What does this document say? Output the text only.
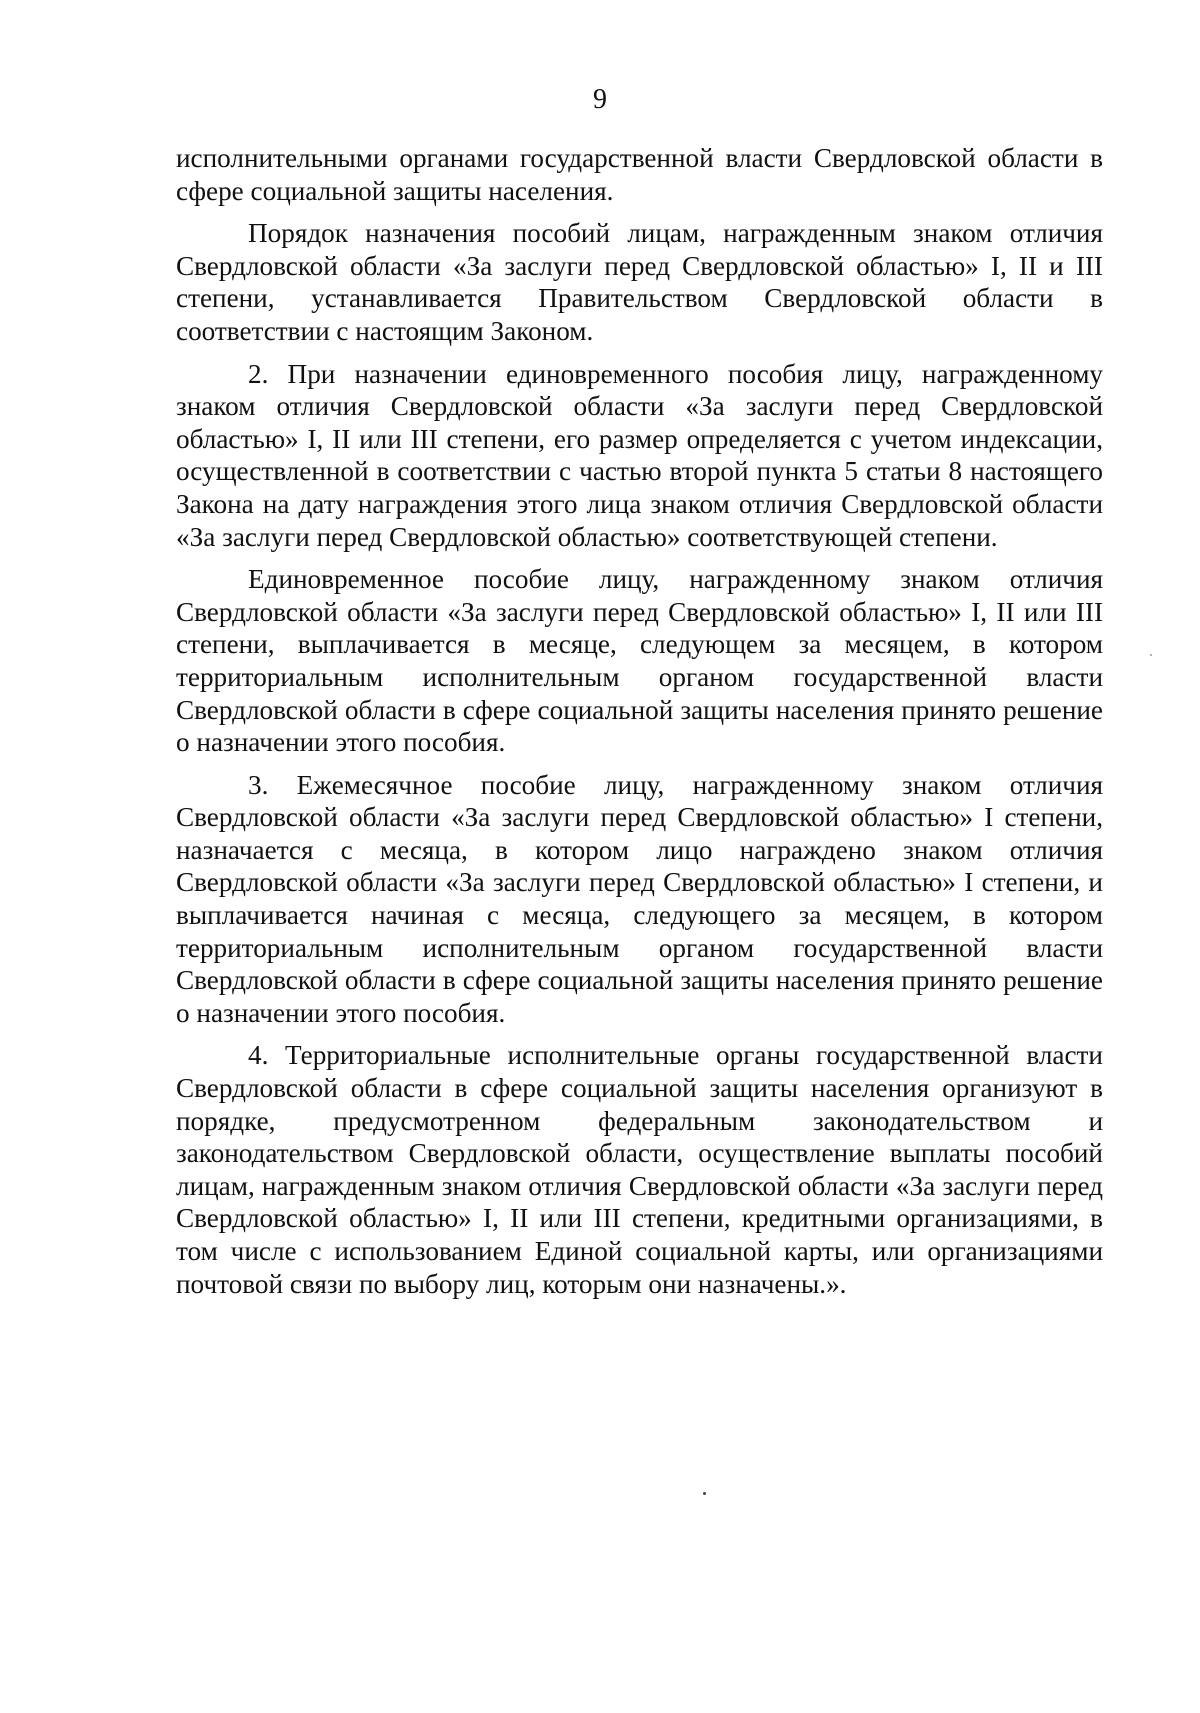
9

исполнительными органами государственной власти Свердловской области в сфере социальной защиты населения.

Порядок назначения пособий лицам, награжденным знаком отличия Свердловской области «За заслуги перед Свердловской областью» I, II и III степени, устанавливается Правительством Свердловской области в соответствии с настоящим Законом.

2. При назначении единовременного пособия лицу, награжденному знаком отличия Свердловской области «За заслуги перед Свердловской областью» I, II или III степени, его размер определяется с учетом индексации, осуществленной в соответствии с частью второй пункта 5 статьи 8 настоящего Закона на дату награждения этого лица знаком отличия Свердловской области «За заслуги перед Свердловской областью» соответствующей степени.

Единовременное пособие лицу, награжденному знаком отличия Свердловской области «За заслуги перед Свердловской областью» I, II или III степени, выплачивается в месяце, следующем за месяцем, в котором территориальным исполнительным органом государственной власти Свердловской области в сфере социальной защиты населения принято решение о назначении этого пособия.

3. Ежемесячное пособие лицу, награжденному знаком отличия Свердловской области «За заслуги перед Свердловской областью» I степени, назначается с месяца, в котором лицо награждено знаком отличия Свердловской области «За заслуги перед Свердловской областью» I степени, и выплачивается начиная с месяца, следующего за месяцем, в котором территориальным исполнительным органом государственной власти Свердловской области в сфере социальной защиты населения принято решение о назначении этого пособия.

4. Территориальные исполнительные органы государственной власти Свердловской области в сфере социальной защиты населения организуют в порядке, предусмотренном федеральным законодательством и законодательством Свердловской области, осуществление выплаты пособий лицам, награжденным знаком отличия Свердловской области «За заслуги перед Свердловской областью» I, II или III степени, кредитными организациями, в том числе с использованием Единой социальной карты, или организациями почтовой связи по выбору лиц, которым они назначены.».
